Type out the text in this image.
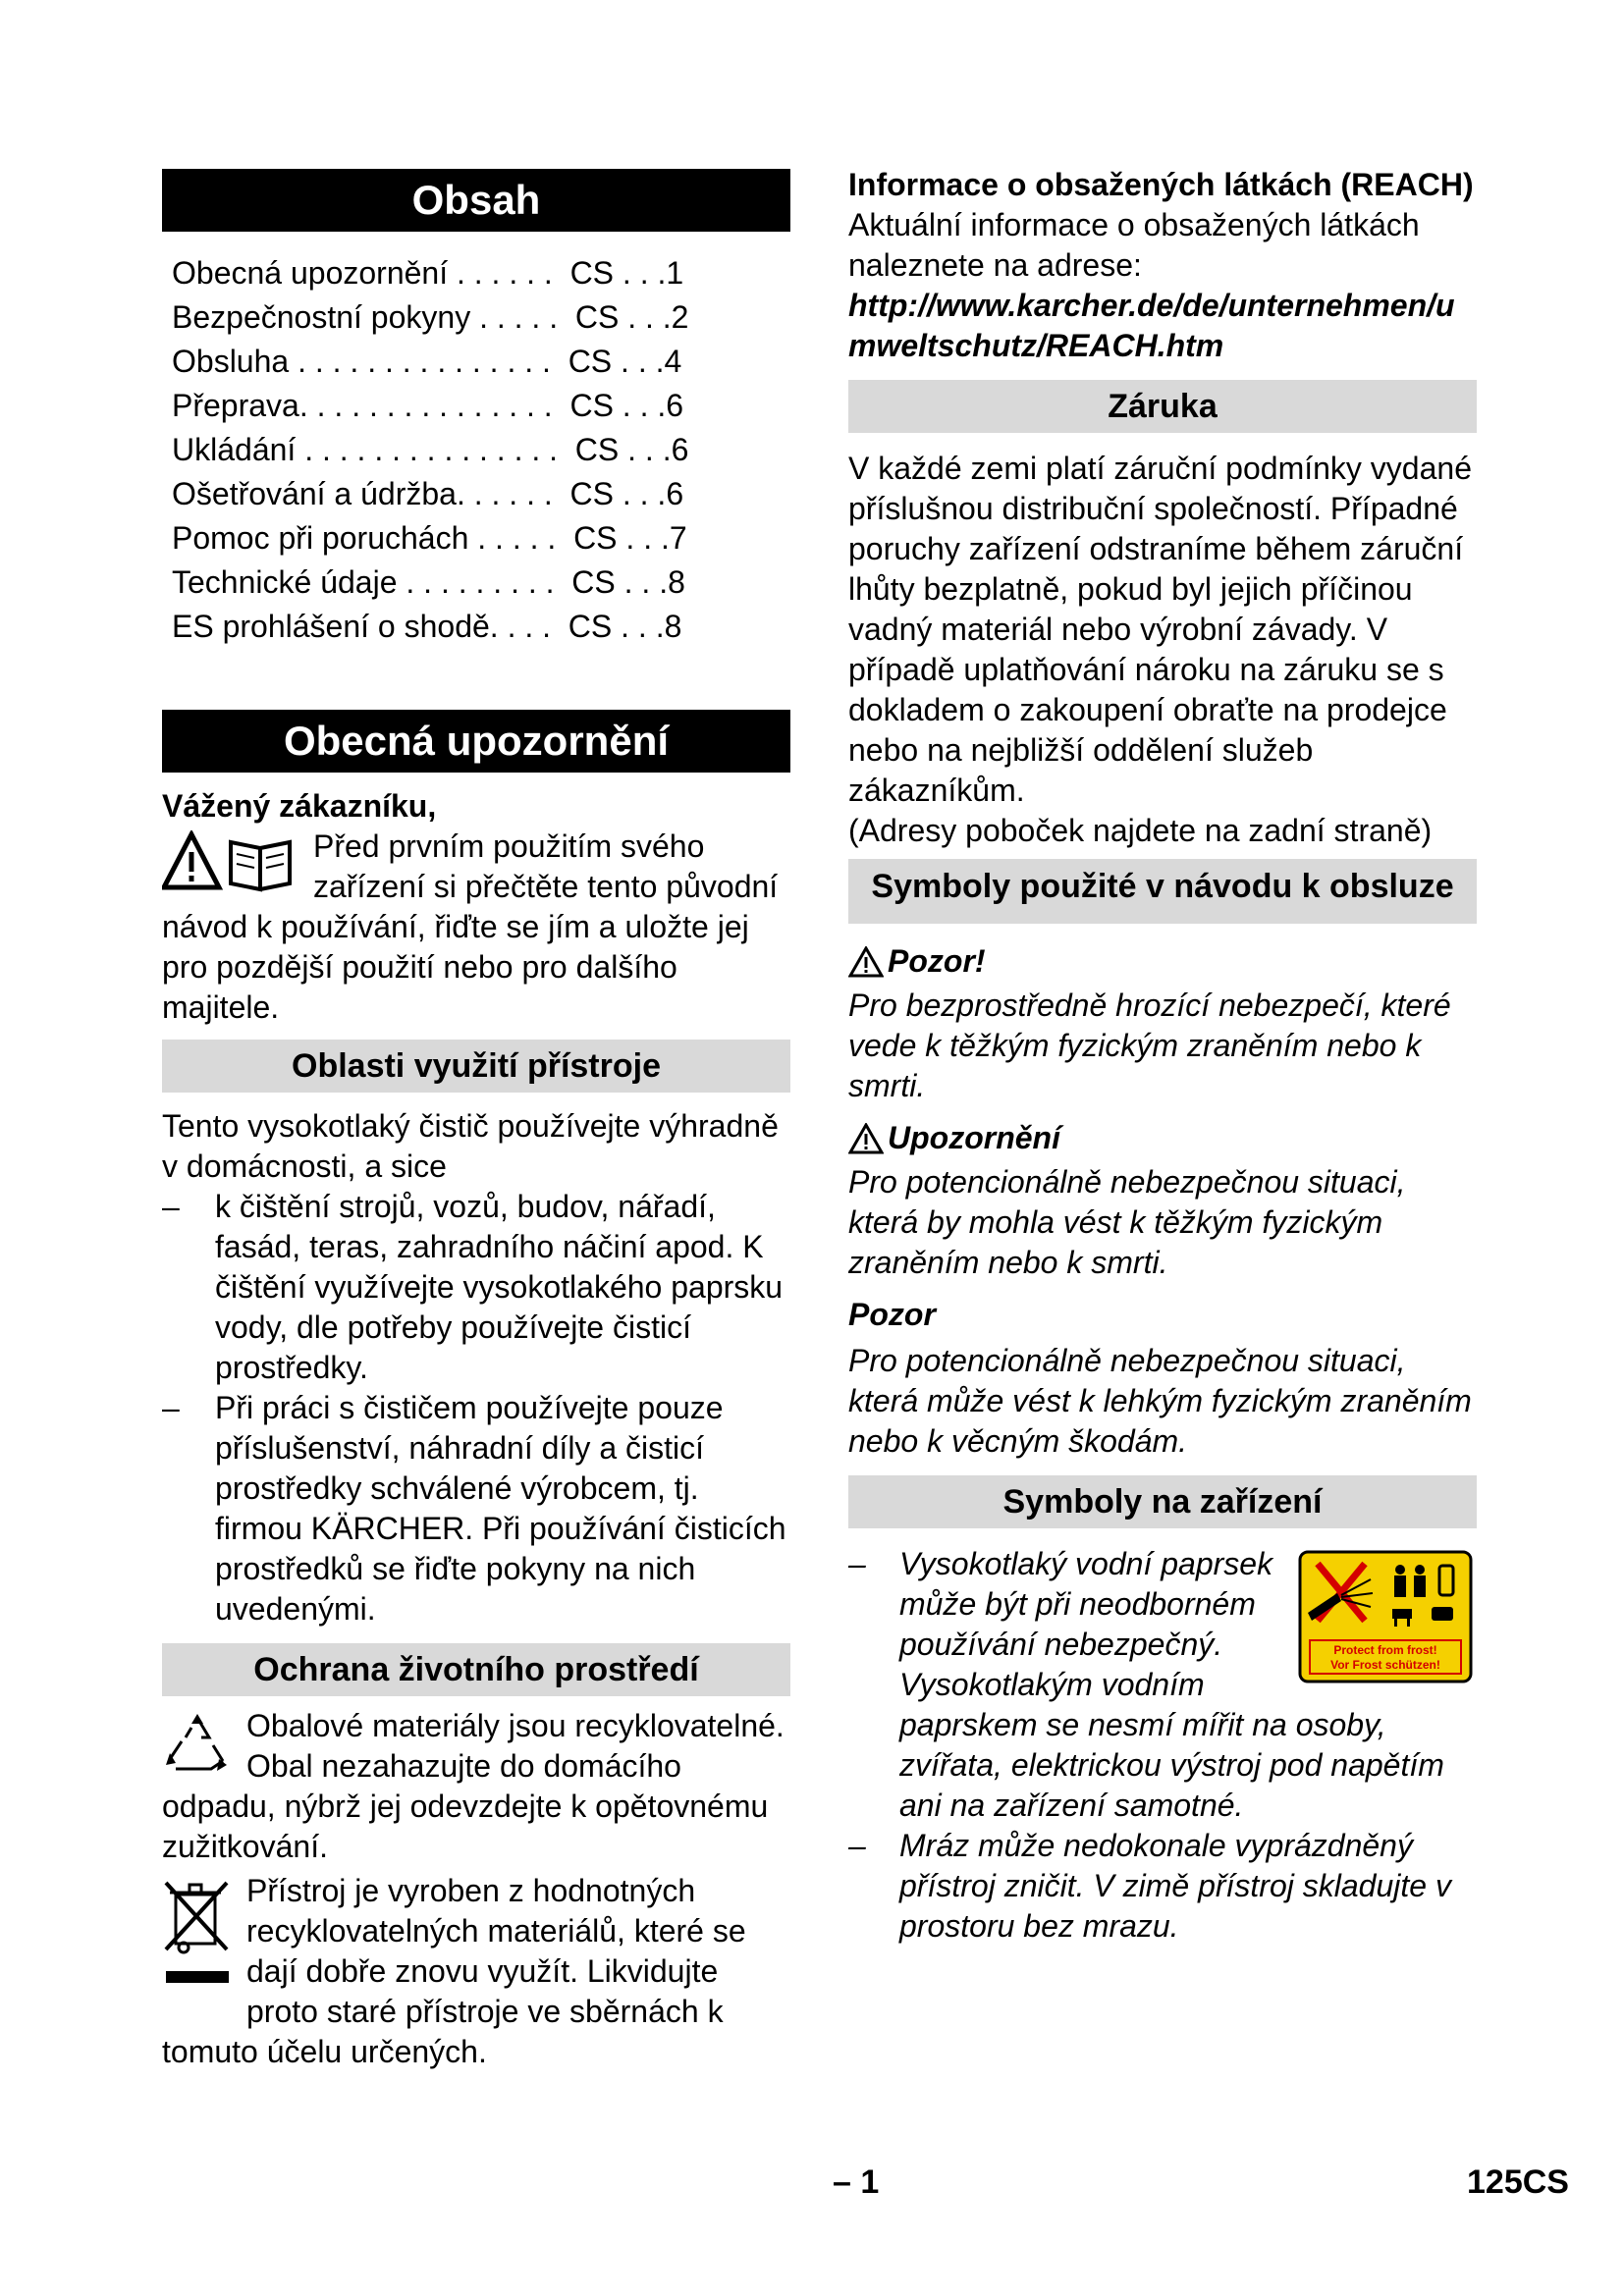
Obsah
Obecná upozornění . . . . . .  CS . . .1
Bezpečnostní pokyny . . . . .  CS . . .2
Obsluha . . . . . . . . . . . . . . .  CS . . .4
Přeprava. . . . . . . . . . . . . . .  CS . . .6
Ukládání . . . . . . . . . . . . . . .  CS . . .6
Ošetřování a údržba. . . . . .  CS . . .6
Pomoc při poruchách . . . . .  CS . . .7
Technické údaje . . . . . . . . .  CS . . .8
ES prohlášení o shodě. . . .  CS . . .8
Obecná upozornění

Vážený zákazníku,

Před prvním použitím svého zařízení si přečtěte tento původní návod k používání, řiďte se jím a uložte jej pro pozdější použití nebo pro dalšího majitele.

Oblasti využití přístroje

Tento vysokotlaký čistič používejte výhradně v domácnosti, a sice

– k čištění strojů, vozů, budov, nářadí, fasád, teras, zahradního náčiní apod. K čištění využívejte vysokotlakého paprsku vody, dle potřeby používejte čisticí prostředky.
– Při práci s čističem používejte pouze příslušenství, náhradní díly a čisticí prostředky schválené výrobcem, tj. firmou KÄRCHER. Při používání čisticích prostředků se řiďte pokyny na nich uvedenými.
Ochrana životního prostředí

Obalové materiály jsou recyklovatelné. Obal nezahazujte do domácího odpadu, nýbrž jej odevzdejte k opětovnému zužitkování.

Přístroj je vyroben z hodnotných recyklovatelných materiálů, které se dají dobře znovu využít. Likvidujte proto staré přístroje ve sběrnách k tomuto účelu určených.

Informace o obsažených látkách (REACH)

Aktuální informace o obsažených látkách naleznete na adrese:

http://www.karcher.de/de/unternehmen/umweltschutz/REACH.htm

Záruka

V každé zemi platí záruční podmínky vydané příslušnou distribuční společností. Případné poruchy zařízení odstraníme během záruční lhůty bezplatně, pokud byl jejich příčinou vadný materiál nebo výrobní závady. V případě uplatňování nároku na záruku se s dokladem o zakoupení obraťte na prodejce nebo na nejbližší oddělení služeb zákazníkům.

(Adresy poboček najdete na zadní straně)

Symboly použité v návodu k obsluze
Pozor!

Pro bezprostředně hrozící nebezpečí, které vede k těžkým fyzickým zraněním nebo k smrti.

Upozornění

Pro potencionálně nebezpečnou situaci, která by mohla vést k těžkým fyzickým zraněním nebo k smrti.

Pozor

Pro potencionálně nebezpečnou situaci, která může vést k lehkým fyzickým zraněním nebo k věcným škodám.

Symboly na zařízení
Protect from frost!
Vor Frost schützen!
– Vysokotlaký vodní paprsek může být při neodborném používání nebezpečný. Vysokotlakým vodním paprskem se nesmí mířit na osoby, zvířata, elektrickou výstroj pod napětím ani na zařízení samotné.
– Mráz může nedokonale vyprázdněný přístroj zničit. V zimě přístroj skladujte v prostoru bez mrazu.
– 1	125CS
